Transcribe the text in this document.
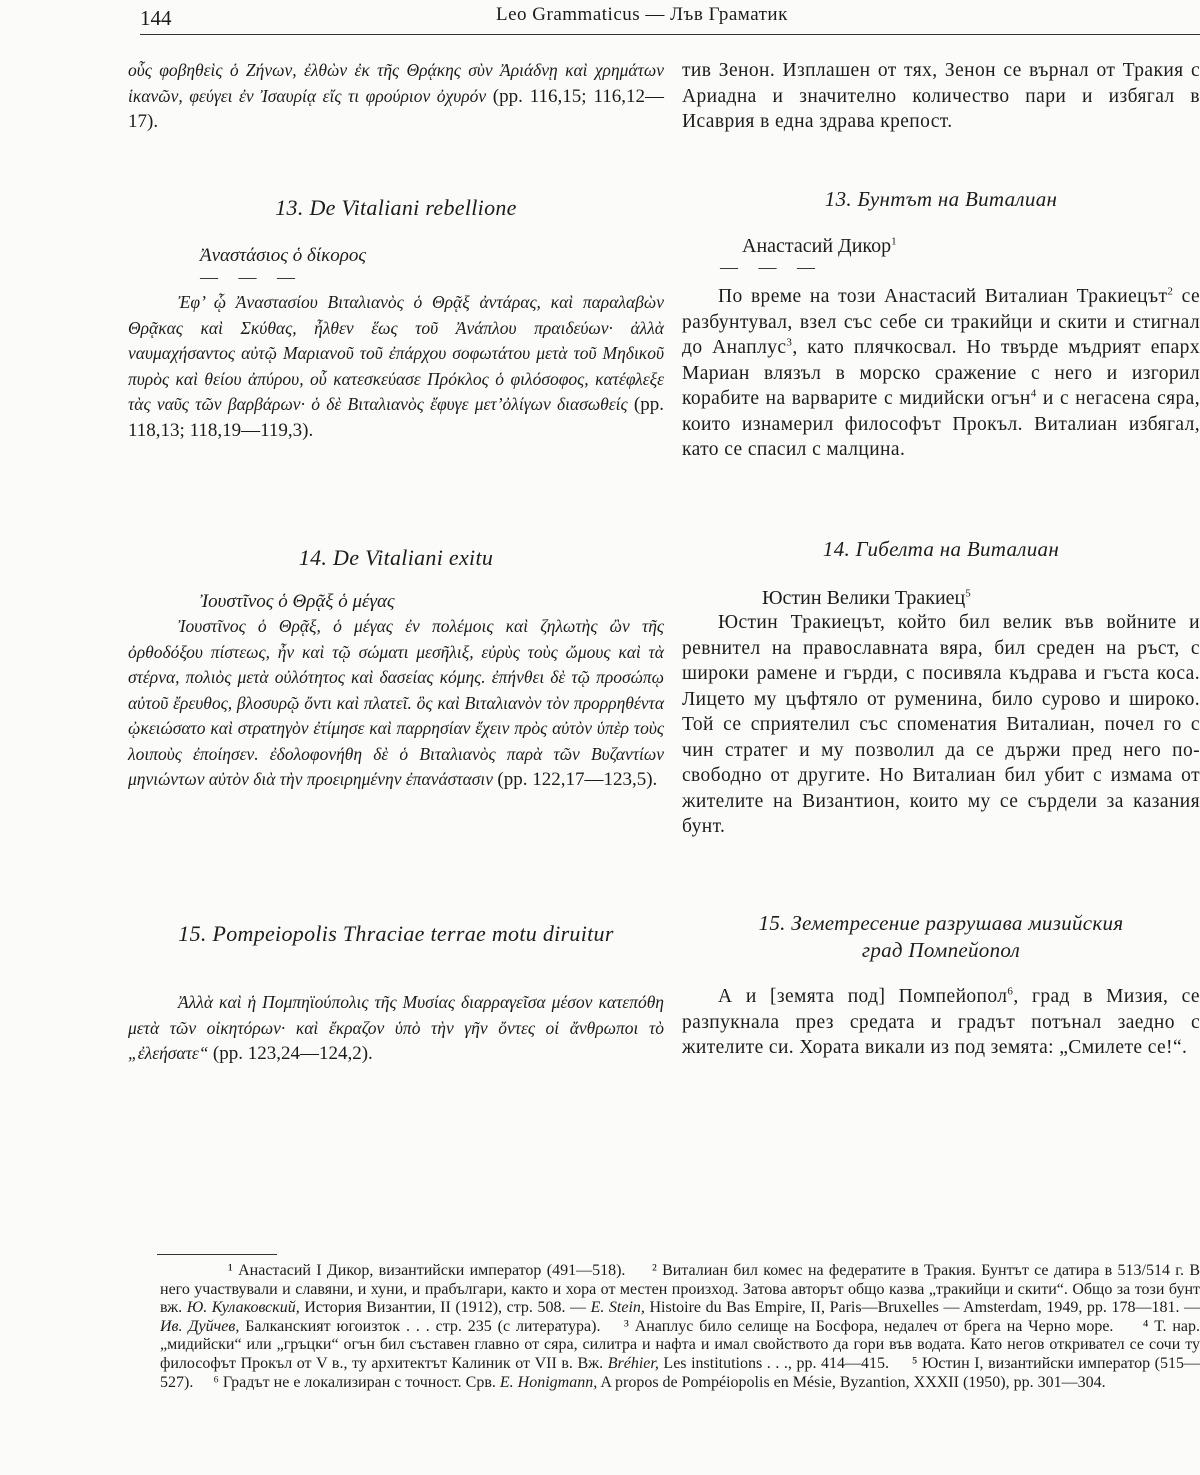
144	Leo Grammaticus — Лъв Граматик
οὗς φοβηθεὶς ὁ Ζήνων, ἐλθὼν ἐκ τῆς Θρᾴκης σὺν Ἀριάδνῃ καὶ χρημάτων ἱκανῶν, φεύγει ἐν Ἰσαυρίᾳ εἴς τι φρούριον ὀχυρόν (pp. 116,15; 116,12—17).
13. De Vitaliani rebellione
Ἀναστάσιος ὁ δίκορος
— — —
Ἐφ’ ᾧ Ἀναστασίου Βιταλιανὸς ὁ Θρᾷξ ἀντάρας, καὶ παραλαβὼν Θρᾷκας καὶ Σκύθας, ἦλθεν ἕως τοῦ Ἀνάπλου πραιδεύων· ἀλλὰ ναυμαχήσαντος αὐτῷ Μαριανοῦ τοῦ ἐπάρχου σοφωτάτου μετὰ τοῦ Μηδικοῦ πυρὸς καὶ θείου ἀπύρου, οὗ κατεσκεύασε Πρόκλος ὁ φιλόσοφος, κατέφλεξε τὰς ναῦς τῶν βαρβάρων· ὁ δὲ Βιταλιανὸς ἔφυγε μετ’ὀλίγων διασωθείς (pp. 118,13; 118,19—119,3).
14. De Vitaliani exitu
Ἰουστῖνος ὁ Θρᾷξ ὁ μέγας
Ἰουστῖνος ὁ Θρᾷξ, ὁ μέγας ἐν πολέμοις καὶ ζηλωτὴς ὢν τῆς ὀρθοδόξου πίστεως, ἦν καὶ τῷ σώματι μεσῆλιξ, εὐρὺς τοὺς ὤμους καὶ τὰ στέρνα, πολιὸς μετὰ οὐλότητος καὶ δασείας κόμης. ἐπήνθει δὲ τῷ προσώπῳ αὐτοῦ ἔρευθος, βλοσυρῷ ὄντι καὶ πλατεῖ. ὃς καὶ Βιταλιανὸν τὸν προρρηθέντα ᾠκειώσατο καὶ στρατηγὸν ἐτίμησε καὶ παρρησίαν ἔχειν πρὸς αὐτὸν ὑπὲρ τοὺς λοιποὺς ἐποίησεν. ἐδολοφονήθη δὲ ὁ Βιταλιανὸς παρὰ τῶν Βυζαντίων μηνιώντων αὐτὸν διὰ τὴν προειρημένην ἐπανάστασιν (pp. 122,17—123,5).
15. Pompeiopolis Thraciae terrae motu diruitur
Ἀλλὰ καὶ ἡ Πομπηϊούπολις τῆς Μυσίας διαρραγεῖσα μέσον κατεπόθη μετὰ τῶν οἰκητόρων· καὶ ἔκραζον ὑπὸ τὴν γῆν ὄντες οἱ ἄνθρωποι τὸ „ἐλεήσατε“ (pp. 123,24—124,2).
тив Зенон. Изплашен от тях, Зенон се върнал от Тракия с Ариадна и значително количество пари и избягал в Исаврия в една здрава крепост.
13. Бунтът на Виталиан
Анастасий Дикор$^1$
— — —
По време на този Анастасий Виталиан Тракиецът$^2$ се разбунтувал, взел със себе си тракийци и скити и стигнал до Анаплус$^3$, като плячкосвал. Но твърде мъдрият епарх Мариан влязъл в морско сражение с него и изгорил корабите на варварите с мидийски огън$^4$ и с негасена сяра, които изнамерил философът Прокъл. Виталиан избягал, като се спасил с малцина.
14. Гибелта на Виталиан
Юстин Велики Тракиец$^5$
Юстин Тракиецът, който бил велик във войните и ревнител на православната вяра, бил среден на ръст, с широки рамене и гърди, с посивяла къдрава и гъста коса. Лицето му цъфтяло от руменина, било сурово и широко. Той се сприятелил със споменатия Виталиан, почел го с чин стратег и му позволил да се държи пред него по-свободно от другите. Но Виталиан бил убит с измама от жителите на Византион, които му се сърдели за казания бунт.
15. Земетресение разрушава мизийския
град Помпейопол
А и [земята под] Помпейопол$^6$, град в Мизия, се разпукнала през средата и градът потънал заедно с жителите си. Хората викали из под земята: „Смилете се!“.

¹ Анастасий I Дикор, византийски император (491—518). ² Виталиан бил комес на федератите в Тракия. Бунтът се датира в 513/514 г. В него участвували и славяни, и хуни, и прабългари, както и хора от местен произход. Затова авторът общо казва „тракийци и скити“. Общо за този бунт вж. Ю. Кулаковский, История Византии, II (1912), стр. 508. — E. Stein, Histoire du Bas Empire, II, Paris—Bruxelles — Amsterdam, 1949, pp. 178—181. — Ив. Дуйчев, Балканският югоизток . . . стр. 235 (с литература). ³ Анаплус било селище на Босфора, недалеч от брега на Черно море. ⁴ Т. нар. „мидийски“ или „гръцки“ огън бил съставен главно от сяра, силитра и нафта и имал свойството да гори във водата. Като негов откривател се сочи ту философът Прокъл от V в., ту архитектът Калиник от VII в. Вж. Bréhier, Les institutions . . ., pp. 414—415. ⁵ Юстин I, византийски император (515—527). ⁶ Градът не е локализиран с точност. Срв. E. Honigmann, A propos de Pompéiopolis en Mésie, Byzantion, XXXII (1950), pp. 301—304.
